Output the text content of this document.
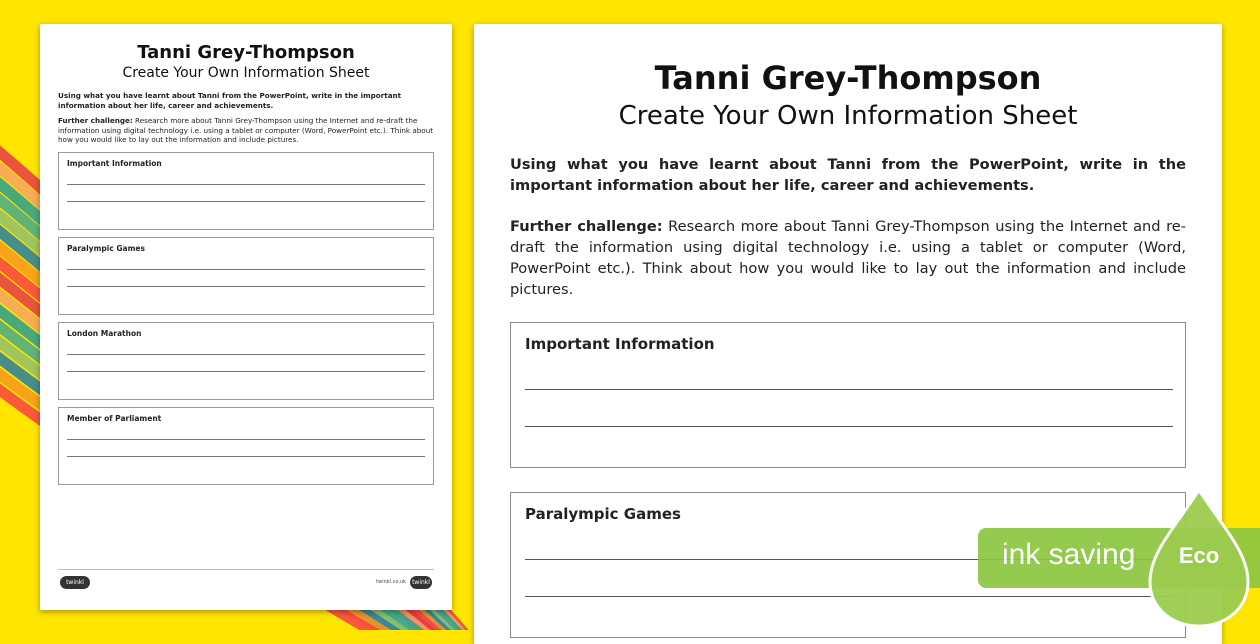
Tanni Grey-Thompson
Create Your Own Information Sheet
Using what you have learnt about Tanni from the PowerPoint, write in the important information about her life, career and achievements.
Further challenge: Research more about Tanni Grey-Thompson using the Internet and re-draft the information using digital technology i.e. using a tablet or computer (Word, PowerPoint etc.). Think about how you would like to lay out the information and include pictures.
Important Information
Paralympic Games
London Marathon
Member of Parliament
twinkl	twinkl.co.uk	twinkl
Tanni Grey-Thompson
Create Your Own Information Sheet
Using what you have learnt about Tanni from the PowerPoint, write in the important information about her life, career and achievements.
Further challenge: Research more about Tanni Grey-Thompson using the Internet and re-draft the information using digital technology i.e. using a tablet or computer (Word, PowerPoint etc.). Think about how you would like to lay out the information and include pictures.
Important Information
Paralympic Games
ink saving	Eco
